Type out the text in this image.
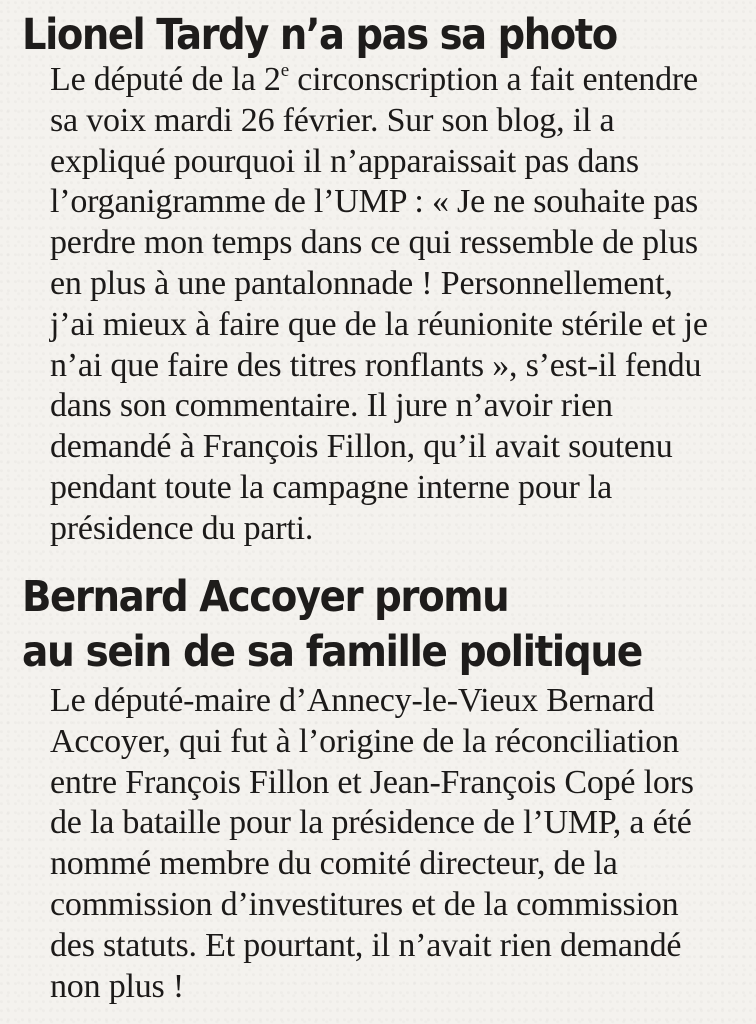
Lionel Tardy n’a pas sa photo

Le député de la 2e circonscription a fait entendre
sa voix mardi 26 février. Sur son blog, il a
expliqué pourquoi il n’apparaissait pas dans
l’organigramme de l’UMP : « Je ne souhaite pas
perdre mon temps dans ce qui ressemble de plus
en plus à une pantalonnade ! Personnellement,
j’ai mieux à faire que de la réunionite stérile et je
n’ai que faire des titres ronflants », s’est-il fendu
dans son commentaire. Il jure n’avoir rien
demandé à François Fillon, qu’il avait soutenu
pendant toute la campagne interne pour la
présidence du parti.

Bernard Accoyer promu
au sein de sa famille politique

Le député-maire d’Annecy-le-Vieux Bernard
Accoyer, qui fut à l’origine de la réconciliation
entre François Fillon et Jean-François Copé lors
de la bataille pour la présidence de l’UMP, a été
nommé membre du comité directeur, de la
commission d’investitures et de la commission
des statuts. Et pourtant, il n’avait rien demandé
non plus !
